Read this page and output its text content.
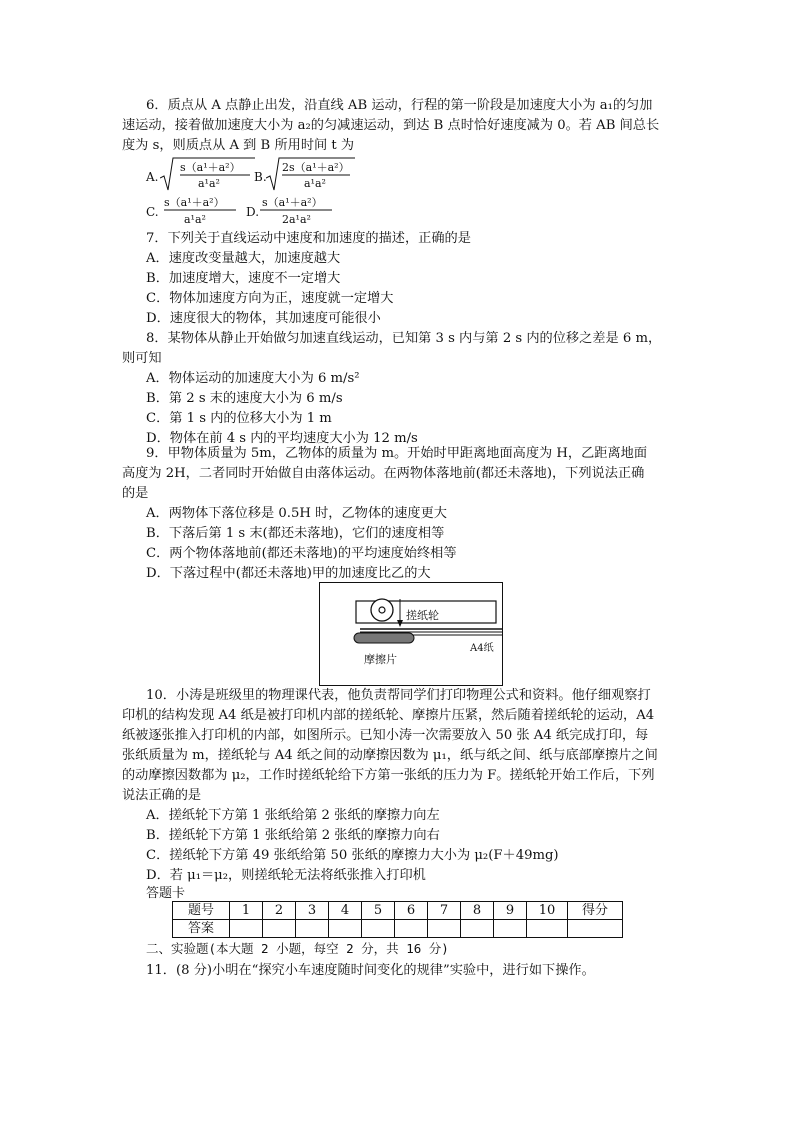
6．质点从 A 点静止出发，沿直线 AB 运动，行程的第一阶段是加速度大小为 a₁的匀加

速运动，接着做加速度大小为 a₂的匀减速运动，到达 B 点时恰好速度减为 0。若 AB 间总长

度为 s，则质点从 A 到 B 所用时间 t 为

A.
s（a¹＋a²）
a¹a²	B.
2s（a¹＋a²）
a¹a²
C.
s（a¹＋a²）
a¹a²
D.
s（a¹＋a²）
2a¹a²

7．下列关于直线运动中速度和加速度的描述，正确的是

A．速度改变量越大，加速度越大

B．加速度增大，速度不一定增大

C．物体加速度方向为正，速度就一定增大

D．速度很大的物体，其加速度可能很小

8．某物体从静止开始做匀加速直线运动，已知第 3 s 内与第 2 s 内的位移之差是 6 m，

则可知

A．物体运动的加速度大小为 6 m/s²

B．第 2 s 末的速度大小为 6 m/s

C．第 1 s 内的位移大小为 1 m

D．物体在前 4 s 内的平均速度大小为 12 m/s

9．甲物体质量为 5m，乙物体的质量为 m。开始时甲距离地面高度为 H，乙距离地面

高度为 2H，二者同时开始做自由落体运动。在两物体落地前(都还未落地)，下列说法正确

的是

A．两物体下落位移是 0.5H 时，乙物体的速度更大

B．下落后第 1 s 末(都还未落地)，它们的速度相等

C．两个物体落地前(都还未落地)的平均速度始终相等

D．下落过程中(都还未落地)甲的加速度比乙的大

搓纸轮
摩擦片
A4纸

10．小涛是班级里的物理课代表，他负责帮同学们打印物理公式和资料。他仔细观察打

印机的结构发现 A4 纸是被打印机内部的搓纸轮、摩擦片压紧，然后随着搓纸轮的运动，A4

纸被逐张推入打印机的内部，如图所示。已知小涛一次需要放入 50 张 A4 纸完成打印，每

张纸质量为 m，搓纸轮与 A4 纸之间的动摩擦因数为 μ₁，纸与纸之间、纸与底部摩擦片之间

的动摩擦因数都为 μ₂，工作时搓纸轮给下方第一张纸的压力为 F。搓纸轮开始工作后，下列

说法正确的是

A．搓纸轮下方第 1 张纸给第 2 张纸的摩擦力向左

B．搓纸轮下方第 1 张纸给第 2 张纸的摩擦力向右

C．搓纸轮下方第 49 张纸给第 50 张纸的摩擦力大小为 μ₂(F＋49mg)

D．若 μ₁＝μ₂，则搓纸轮无法将纸张推入打印机

答题卡
题号	1	2	3	4	5	6	7	8	9	10	得分
答案											
二、实验题(本大题 2 小题，每空 2 分，共 16 分)
11．(8 分)小明在“探究小车速度随时间变化的规律”实验中，进行如下操作。
